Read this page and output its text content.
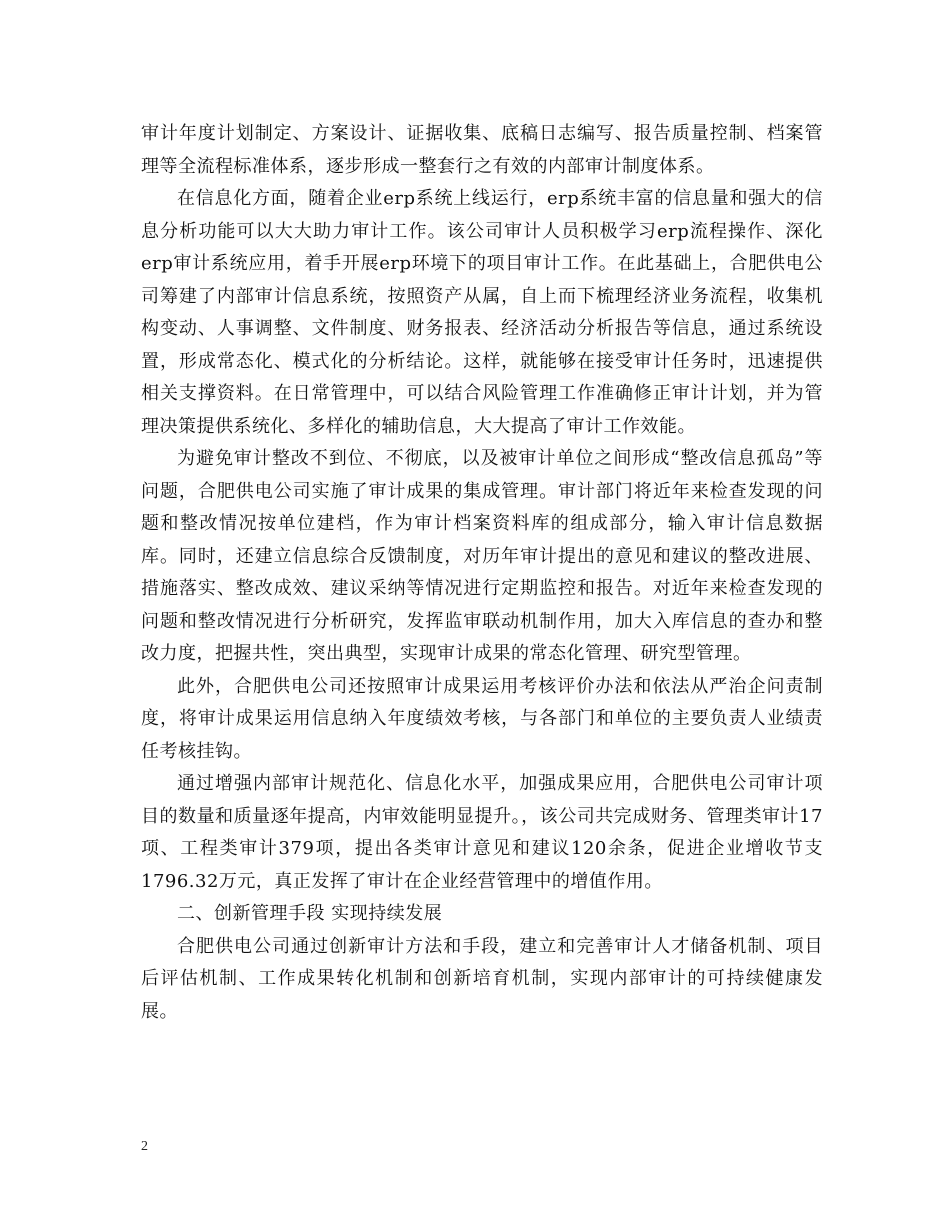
审计年度计划制定、方案设计、证据收集、底稿日志编写、报告质量控制、档案管理等全流程标准体系，逐步形成一整套行之有效的内部审计制度体系。

在信息化方面，随着企业erp系统上线运行，erp系统丰富的信息量和强大的信息分析功能可以大大助力审计工作。该公司审计人员积极学习erp流程操作、深化erp审计系统应用，着手开展erp环境下的项目审计工作。在此基础上，合肥供电公司筹建了内部审计信息系统，按照资产从属，自上而下梳理经济业务流程，收集机构变动、人事调整、文件制度、财务报表、经济活动分析报告等信息，通过系统设置，形成常态化、模式化的分析结论。这样，就能够在接受审计任务时，迅速提供相关支撑资料。在日常管理中，可以结合风险管理工作准确修正审计计划，并为管理决策提供系统化、多样化的辅助信息，大大提高了审计工作效能。

为避免审计整改不到位、不彻底，以及被审计单位之间形成“整改信息孤岛”等问题，合肥供电公司实施了审计成果的集成管理。审计部门将近年来检查发现的问题和整改情况按单位建档，作为审计档案资料库的组成部分，输入审计信息数据库。同时，还建立信息综合反馈制度，对历年审计提出的意见和建议的整改进展、措施落实、整改成效、建议采纳等情况进行定期监控和报告。对近年来检查发现的问题和整改情况进行分析研究，发挥监审联动机制作用，加大入库信息的查办和整改力度，把握共性，突出典型，实现审计成果的常态化管理、研究型管理。

此外，合肥供电公司还按照审计成果运用考核评价办法和依法从严治企问责制度，将审计成果运用信息纳入年度绩效考核，与各部门和单位的主要负责人业绩责任考核挂钩。

通过增强内部审计规范化、信息化水平，加强成果应用，合肥供电公司审计项目的数量和质量逐年提高，内审效能明显提升。，该公司共完成财务、管理类审计17项、工程类审计379项，提出各类审计意见和建议120余条，促进企业增收节支1796.32万元，真正发挥了审计在企业经营管理中的增值作用。

二、创新管理手段 实现持续发展

合肥供电公司通过创新审计方法和手段，建立和完善审计人才储备机制、项目后评估机制、工作成果转化机制和创新培育机制，实现内部审计的可持续健康发展。

2
